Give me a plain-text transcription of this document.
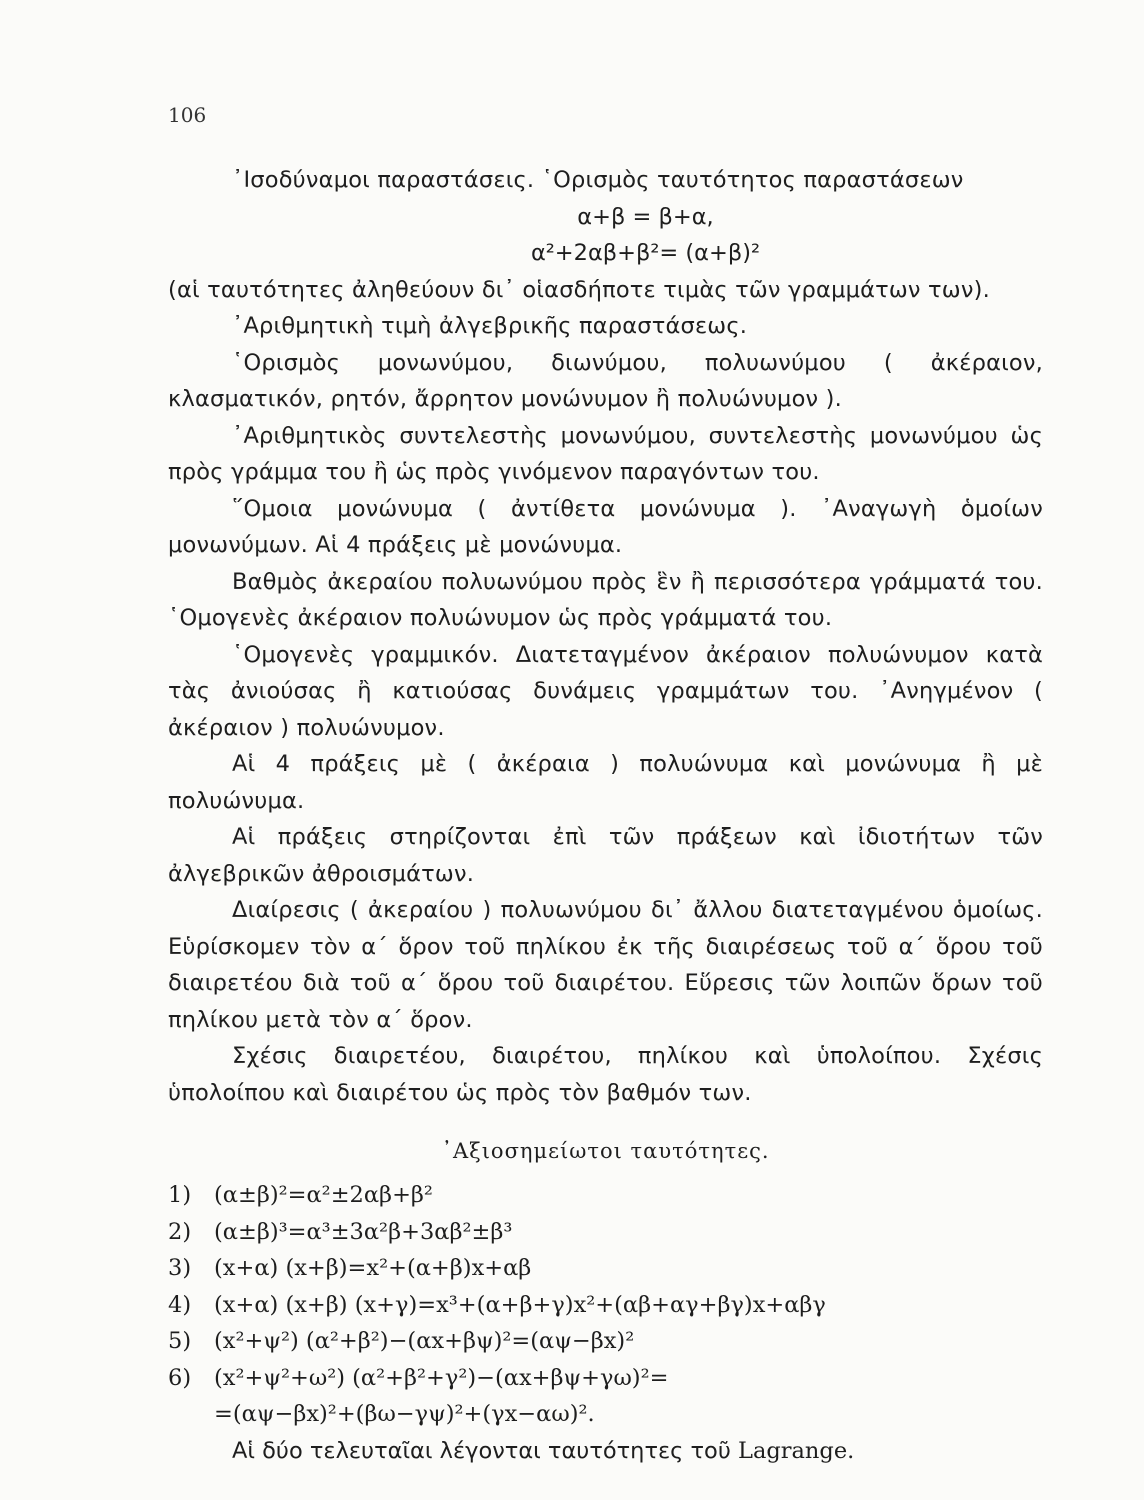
106

᾿Ισοδύναμοι παραστάσεις. ῾Ορισμὸς ταυτότητος παραστάσεων

α+β = β+α,

α²+2αβ+β²= (α+β)²

(αἱ ταυτότητες ἀληθεύουν δι᾿ οἱασδήποτε τιμὰς τῶν γραμμάτων των).

᾿Αριθμητικὴ τιμὴ ἀλγεβρικῆς παραστάσεως.

῾Ορισμὸς μονωνύμου, διωνύμου, πολυωνύμου ( ἀκέραιον, κλασματικόν, ρητόν, ἄρρητον μονώνυμον ἢ πολυώνυμον ).

᾿Αριθμητικὸς συντελεστὴς μονωνύμου, συντελεστὴς μονωνύμου ὡς πρὸς γράμμα του ἢ ὡς πρὸς γινόμενον παραγόντων του.

῞Ομοια μονώνυμα ( ἀντίθετα μονώνυμα ). ᾿Αναγωγὴ ὁμοίων μονωνύμων. Αἱ 4 πράξεις μὲ μονώνυμα.

Βαθμὸς ἀκεραίου πολυωνύμου πρὸς ἓν ἢ περισσότερα γράμματά του. ῾Ομογενὲς ἀκέραιον πολυώνυμον ὡς πρὸς γράμματά του.

῾Ομογενὲς γραμμικόν. Διατεταγμένον ἀκέραιον πολυώνυμον κατὰ τὰς ἀνιούσας ἢ κατιούσας δυνάμεις γραμμάτων του. ᾿Ανηγμένον ( ἀκέραιον ) πολυώνυμον.

Αἱ 4 πράξεις μὲ ( ἀκέραια ) πολυώνυμα καὶ μονώνυμα ἢ μὲ πολυώνυμα.

Αἱ πράξεις στηρίζονται ἐπὶ τῶν πράξεων καὶ ἰδιοτήτων τῶν ἀλγεβρικῶν ἀθροισμάτων.

Διαίρεσις ( ἀκεραίου ) πολυωνύμου δι᾿ ἄλλου διατεταγμένου ὁμοίως. Εὑρίσκομεν τὸν α΄ ὅρον τοῦ πηλίκου ἐκ τῆς διαιρέσεως τοῦ α΄ ὅρου τοῦ διαιρετέου διὰ τοῦ α΄ ὅρου τοῦ διαιρέτου. Εὕρεσις τῶν λοιπῶν ὅρων τοῦ πηλίκου μετὰ τὸν α΄ ὅρον.

Σχέσις διαιρετέου, διαιρέτου, πηλίκου καὶ ὑπολοίπου. Σχέσις ὑπολοίπου καὶ διαιρέτου ὡς πρὸς τὸν βαθμόν των.

᾿Αξιοσημείωτοι ταυτότητες.
1) (α±β)²=α²±2αβ+β²
2) (α±β)³=α³±3α²β+3αβ²±β³
3) (x+α) (x+β)=x²+(α+β)x+αβ
4) (x+α) (x+β) (x+γ)=x³+(α+β+γ)x²+(αβ+αγ+βγ)x+αβγ
5) (x²+ψ²) (α²+β²)−(αx+βψ)²=(αψ−βx)²
6) (x²+ψ²+ω²) (α²+β²+γ²)−(αx+βψ+γω)²=
=(αψ−βx)²+(βω−γψ)²+(γx−αω)².

Αἱ δύο τελευταῖαι λέγονται ταυτότητες τοῦ Lagrange.
